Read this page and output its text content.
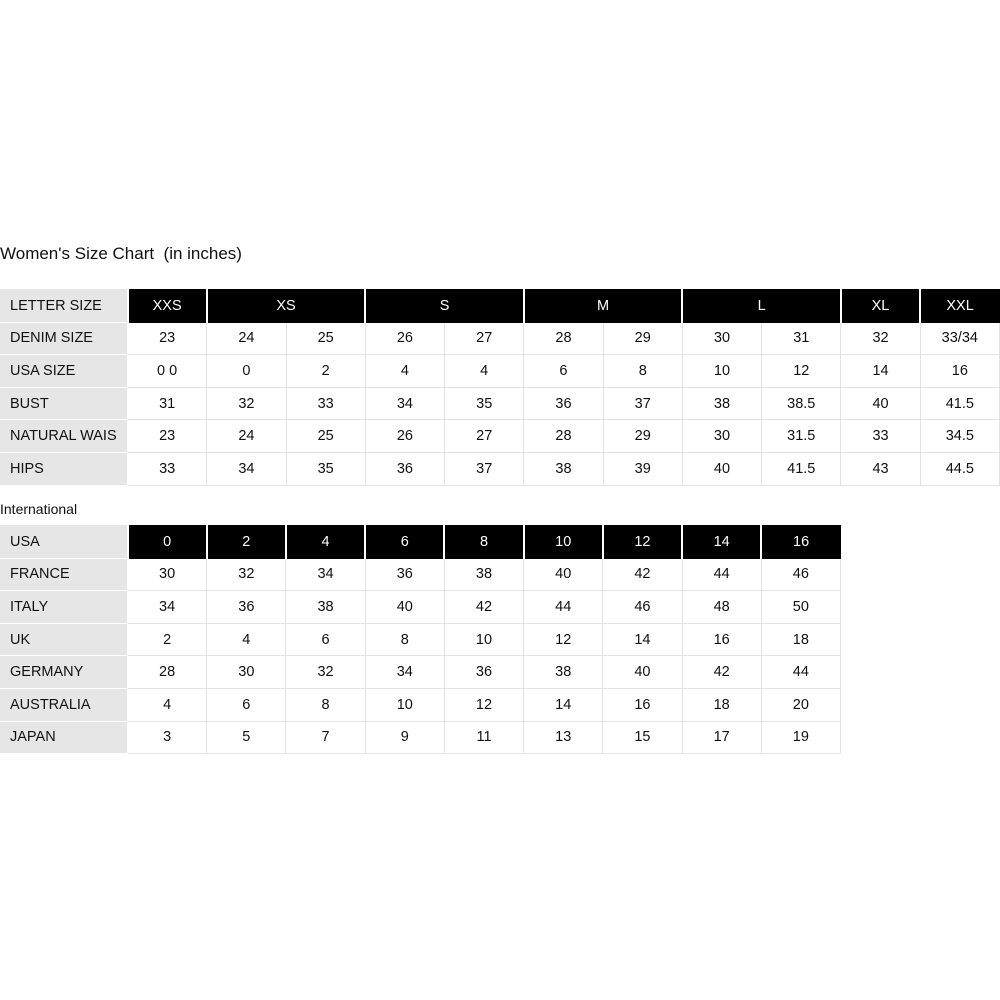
Women's Size Chart  (in inches)
LETTER SIZE	XXS	XS		S		M		L		XL	XXL
DENIM SIZE	23	24	25	26	27	28	29	30	31	32	33/34
USA SIZE	0 0	0	2	4	4	6	8	10	12	14	16
BUST	31	32	33	34	35	36	37	38	38.5	40	41.5
NATURAL WAIS	23	24	25	26	27	28	29	30	31.5	33	34.5
HIPS	33	34	35	36	37	38	39	40	41.5	43	44.5
International
USA	0	2	4	6	8	10	12	14	16
FRANCE	30	32	34	36	38	40	42	44	46
ITALY	34	36	38	40	42	44	46	48	50
UK	2	4	6	8	10	12	14	16	18
GERMANY	28	30	32	34	36	38	40	42	44
AUSTRALIA	4	6	8	10	12	14	16	18	20
JAPAN	3	5	7	9	11	13	15	17	19
